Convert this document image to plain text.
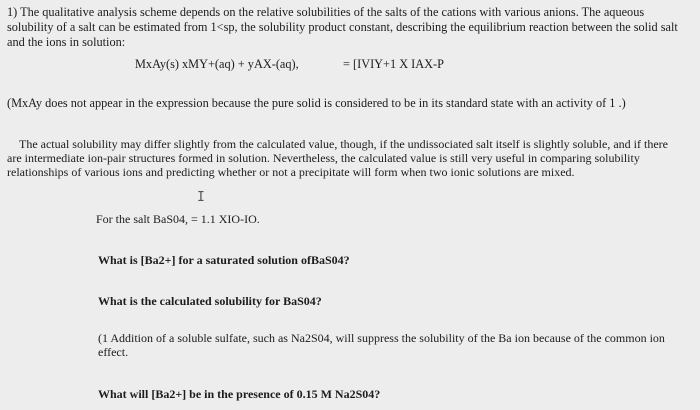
1) The qualitative analysis scheme depends on the relative solubilities of the salts of the cations with various anions. The aqueous
solubility of a salt can be estimated from 1<sp, the solubility product constant, describing the equilibrium reaction between the solid salt
and the ions in solution:
MxAy(s) xMY+(aq) + yAX-(aq),	= [IVIY+1 X IAX-P
(MxAy does not appear in the expression because the pure solid is considered to be in its standard state with an activity of 1 .)
The actual solubility may differ slightly from the calculated value, though, if the undissociated salt itself is slightly soluble, and if there
are intermediate ion-pair structures formed in solution. Nevertheless, the calculated value is still very useful in comparing solubility
relationships of various ions and predicting whether or not a precipitate will form when two ionic solutions are mixed.
I
For the salt BaS04, = 1.1 XIO-IO.
What is [Ba2+] for a saturated solution ofBaS04?
What is the calculated solubility for BaS04?
(1 Addition of a soluble sulfate, such as Na2S04, will suppress the solubility of the Ba ion because of the common ion
effect.
What will [Ba2+] be in the presence of 0.15 M Na2S04?
